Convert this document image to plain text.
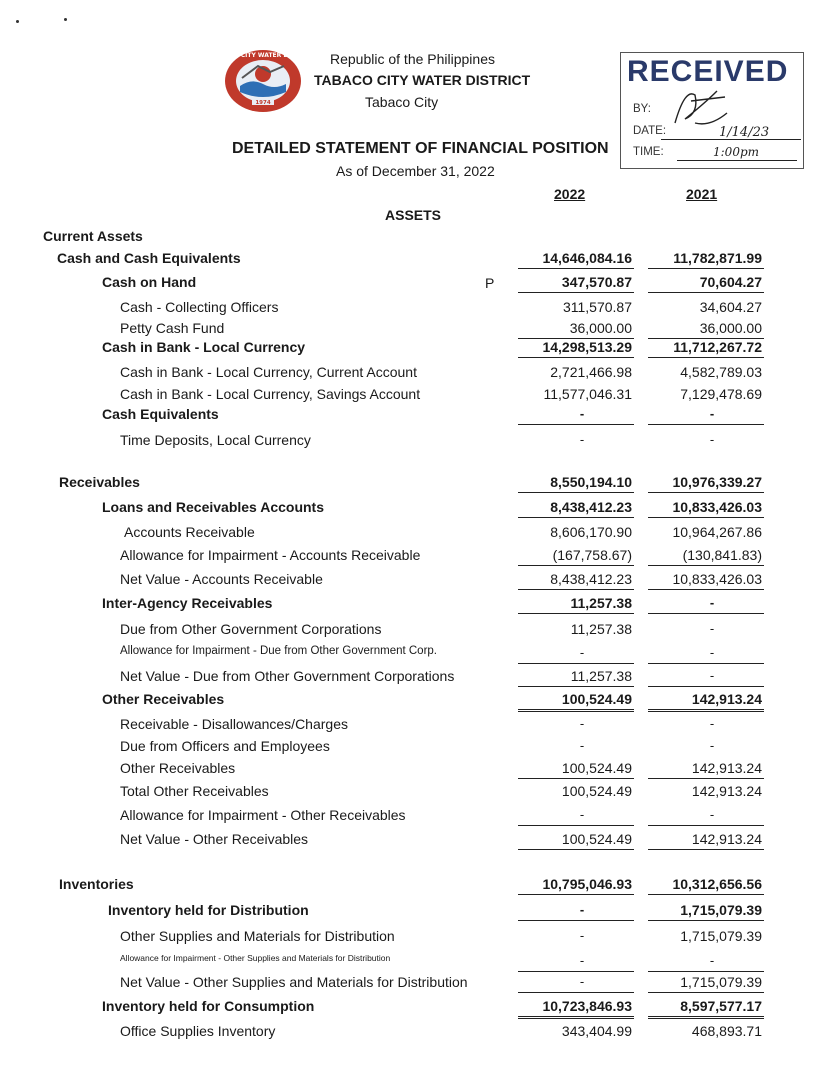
1974
TABACO CITY WATER DISTRICT Republic of the Philippines
TABACO CITY WATER DISTRICT
Tabaco City
DETAILED STATEMENT OF FINANCIAL POSITION
As of December 31, 2022
2022	2021
ASSETS
RECEIVED
BY:
DATE:
TIME:
1/14/23
1:00pm
Current Assets
Cash and Cash Equivalents	14,646,084.16	11,782,871.99
Cash on Hand	347,570.87	70,604.27
Cash - Collecting Officers	311,570.87	34,604.27
Petty Cash Fund	36,000.00	36,000.00
Cash in Bank - Local Currency	14,298,513.29	11,712,267.72
Cash in Bank - Local Currency, Current Account	2,721,466.98	4,582,789.03
Cash in Bank - Local Currency, Savings Account	11,577,046.31	7,129,478.69
Cash Equivalents	-	-
Time Deposits, Local Currency	-	-
Receivables	8,550,194.10	10,976,339.27
Loans and Receivables Accounts	8,438,412.23	10,833,426.03
Accounts Receivable	8,606,170.90	10,964,267.86
Allowance for Impairment - Accounts Receivable	(167,758.67)	(130,841.83)
Net Value - Accounts Receivable	8,438,412.23	10,833,426.03
Inter-Agency Receivables	11,257.38	-
Due from Other Government Corporations	11,257.38	-
Allowance for Impairment - Due from Other Government Corp.	-	-
Net Value - Due from Other Government Corporations	11,257.38	-
Other Receivables	100,524.49	142,913.24
Receivable - Disallowances/Charges	-	-
Due from Officers and Employees	-	-
Other Receivables	100,524.49	142,913.24
Total Other Receivables	100,524.49	142,913.24
Allowance for Impairment - Other Receivables	-	-
Net Value - Other Receivables	100,524.49	142,913.24
Inventories	10,795,046.93	10,312,656.56
Inventory held for Distribution	-	1,715,079.39
Other Supplies and Materials for Distribution	-	1,715,079.39
Allowance for Impairment - Other Supplies and Materials for Distribution	-	-
Net Value - Other Supplies and Materials for Distribution	-	1,715,079.39
Inventory held for Consumption	10,723,846.93	8,597,577.17
Office Supplies Inventory	343,404.99	468,893.71
P
